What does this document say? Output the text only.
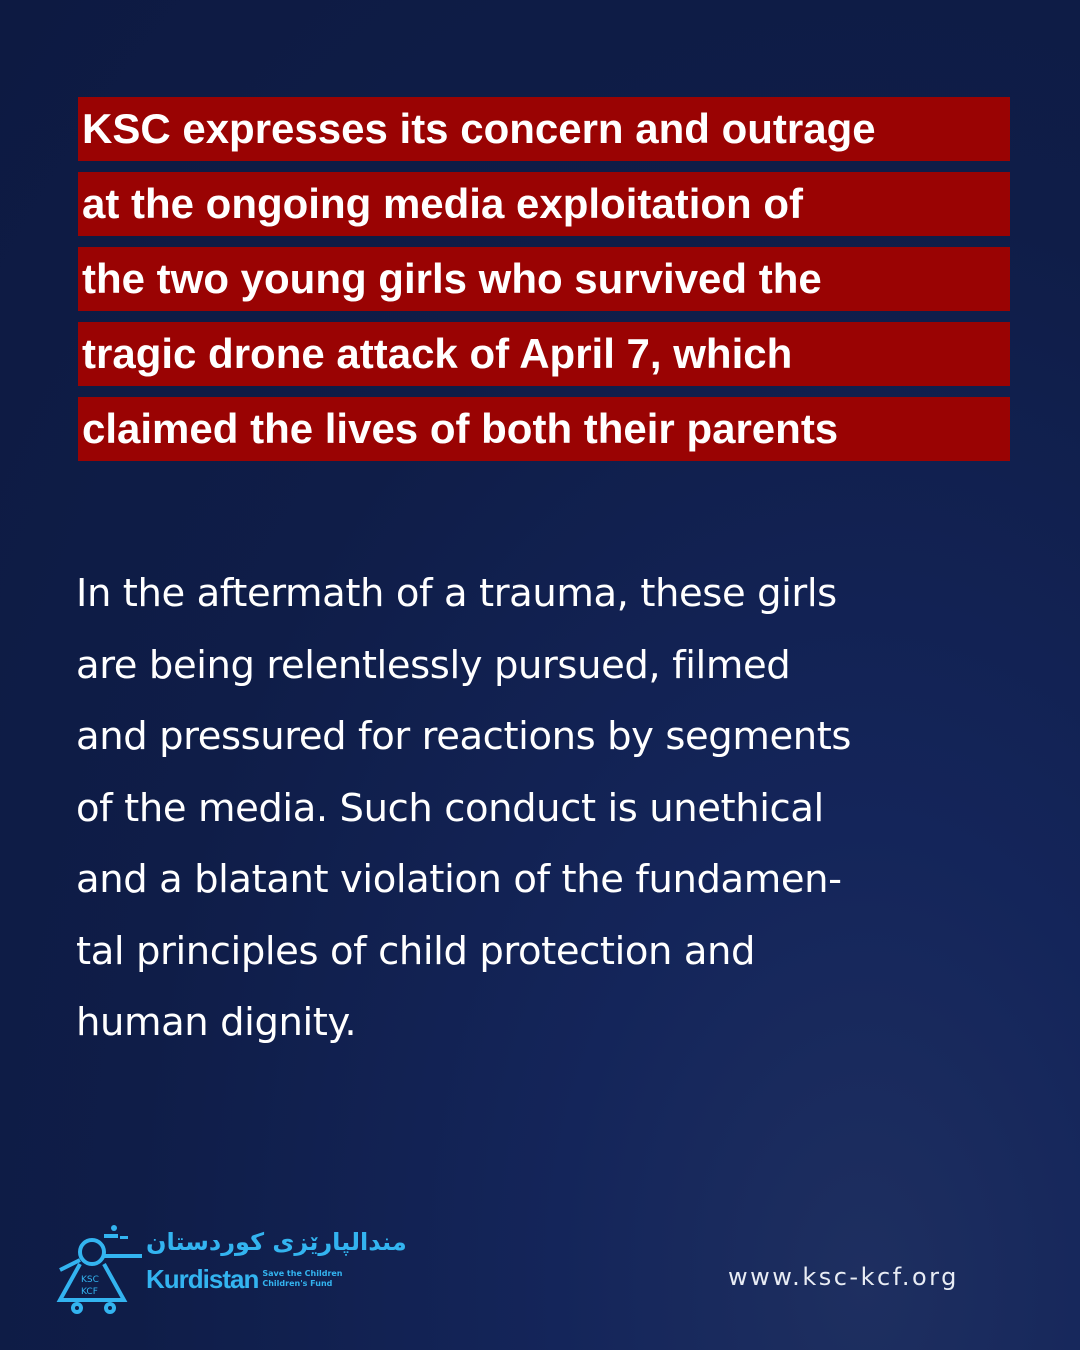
KSC expresses its concern and outrage
at the ongoing media exploitation of
the two young girls who survived the
tragic drone attack of April 7, which
claimed the lives of both their parents
In the aftermath of a trauma, these girls
are being relentlessly pursued, filmed
and pressured for reactions by segments
of the media. Such conduct is unethical
and a blatant violation of the fundamen-
tal principles of child protection and
human dignity.
KSC
KCF
مندالپارێزی کوردستان
Kurdistan Save the Children
Children's Fund	www.ksc-kcf.org
